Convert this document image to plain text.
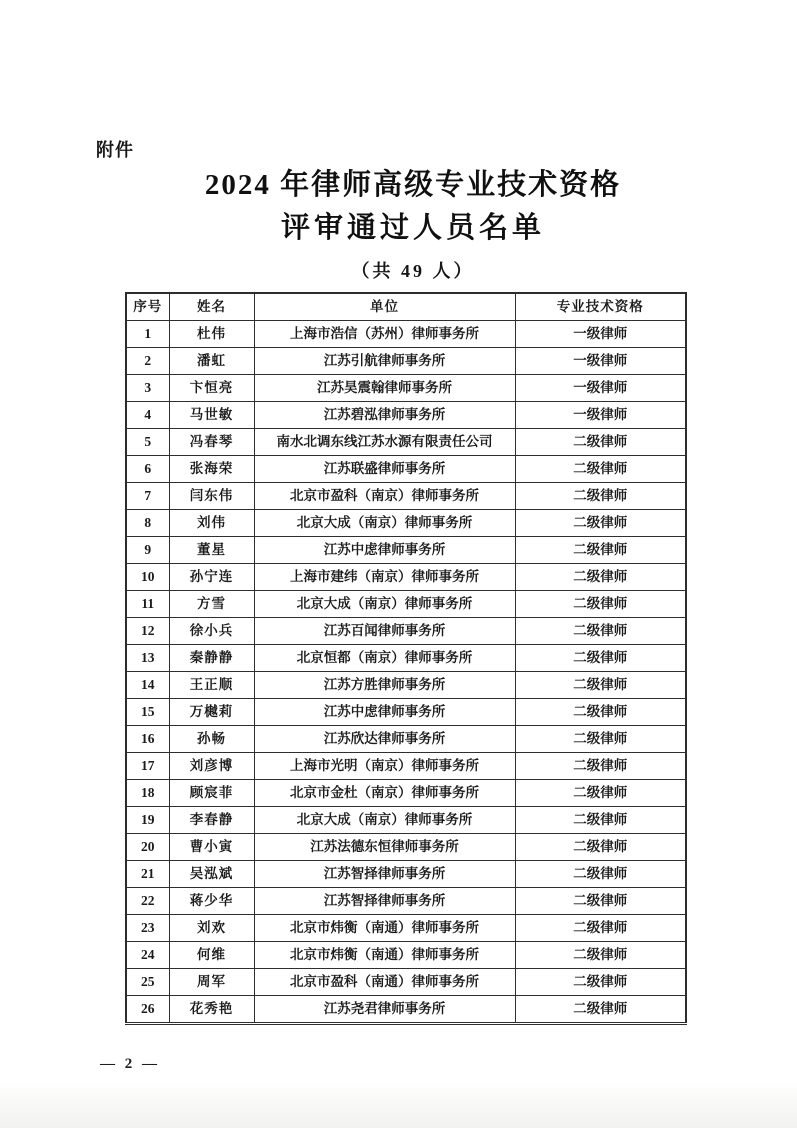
附件
2024 年律师高级专业技术资格
评审通过人员名单
（共 49 人）
序号	姓名	单位	专业技术资格
1	杜伟	上海市浩信（苏州）律师事务所	一级律师
2	潘虹	江苏引航律师事务所	一级律师
3	卞恒亮	江苏昊震翰律师事务所	一级律师
4	马世敏	江苏碧泓律师事务所	一级律师
5	冯春琴	南水北调东线江苏水源有限责任公司	二级律师
6	张海荣	江苏联盛律师事务所	二级律师
7	闫东伟	北京市盈科（南京）律师事务所	二级律师
8	刘伟	北京大成（南京）律师事务所	二级律师
9	董星	江苏中虑律师事务所	二级律师
10	孙宁连	上海市建纬（南京）律师事务所	二级律师
11	方雪	北京大成（南京）律师事务所	二级律师
12	徐小兵	江苏百闻律师事务所	二级律师
13	秦静静	北京恒都（南京）律师事务所	二级律师
14	王正顺	江苏方胜律师事务所	二级律师
15	万樾莉	江苏中虑律师事务所	二级律师
16	孙畅	江苏欣达律师事务所	二级律师
17	刘彦博	上海市光明（南京）律师事务所	二级律师
18	顾宸菲	北京市金杜（南京）律师事务所	二级律师
19	李春静	北京大成（南京）律师事务所	二级律师
20	曹小寅	江苏法德东恒律师事务所	二级律师
21	吴泓斌	江苏智择律师事务所	二级律师
22	蒋少华	江苏智择律师事务所	二级律师
23	刘欢	北京市炜衡（南通）律师事务所	二级律师
24	何维	北京市炜衡（南通）律师事务所	二级律师
25	周军	北京市盈科（南通）律师事务所	二级律师
26	花秀艳	江苏尧君律师事务所	二级律师
— 2 —
